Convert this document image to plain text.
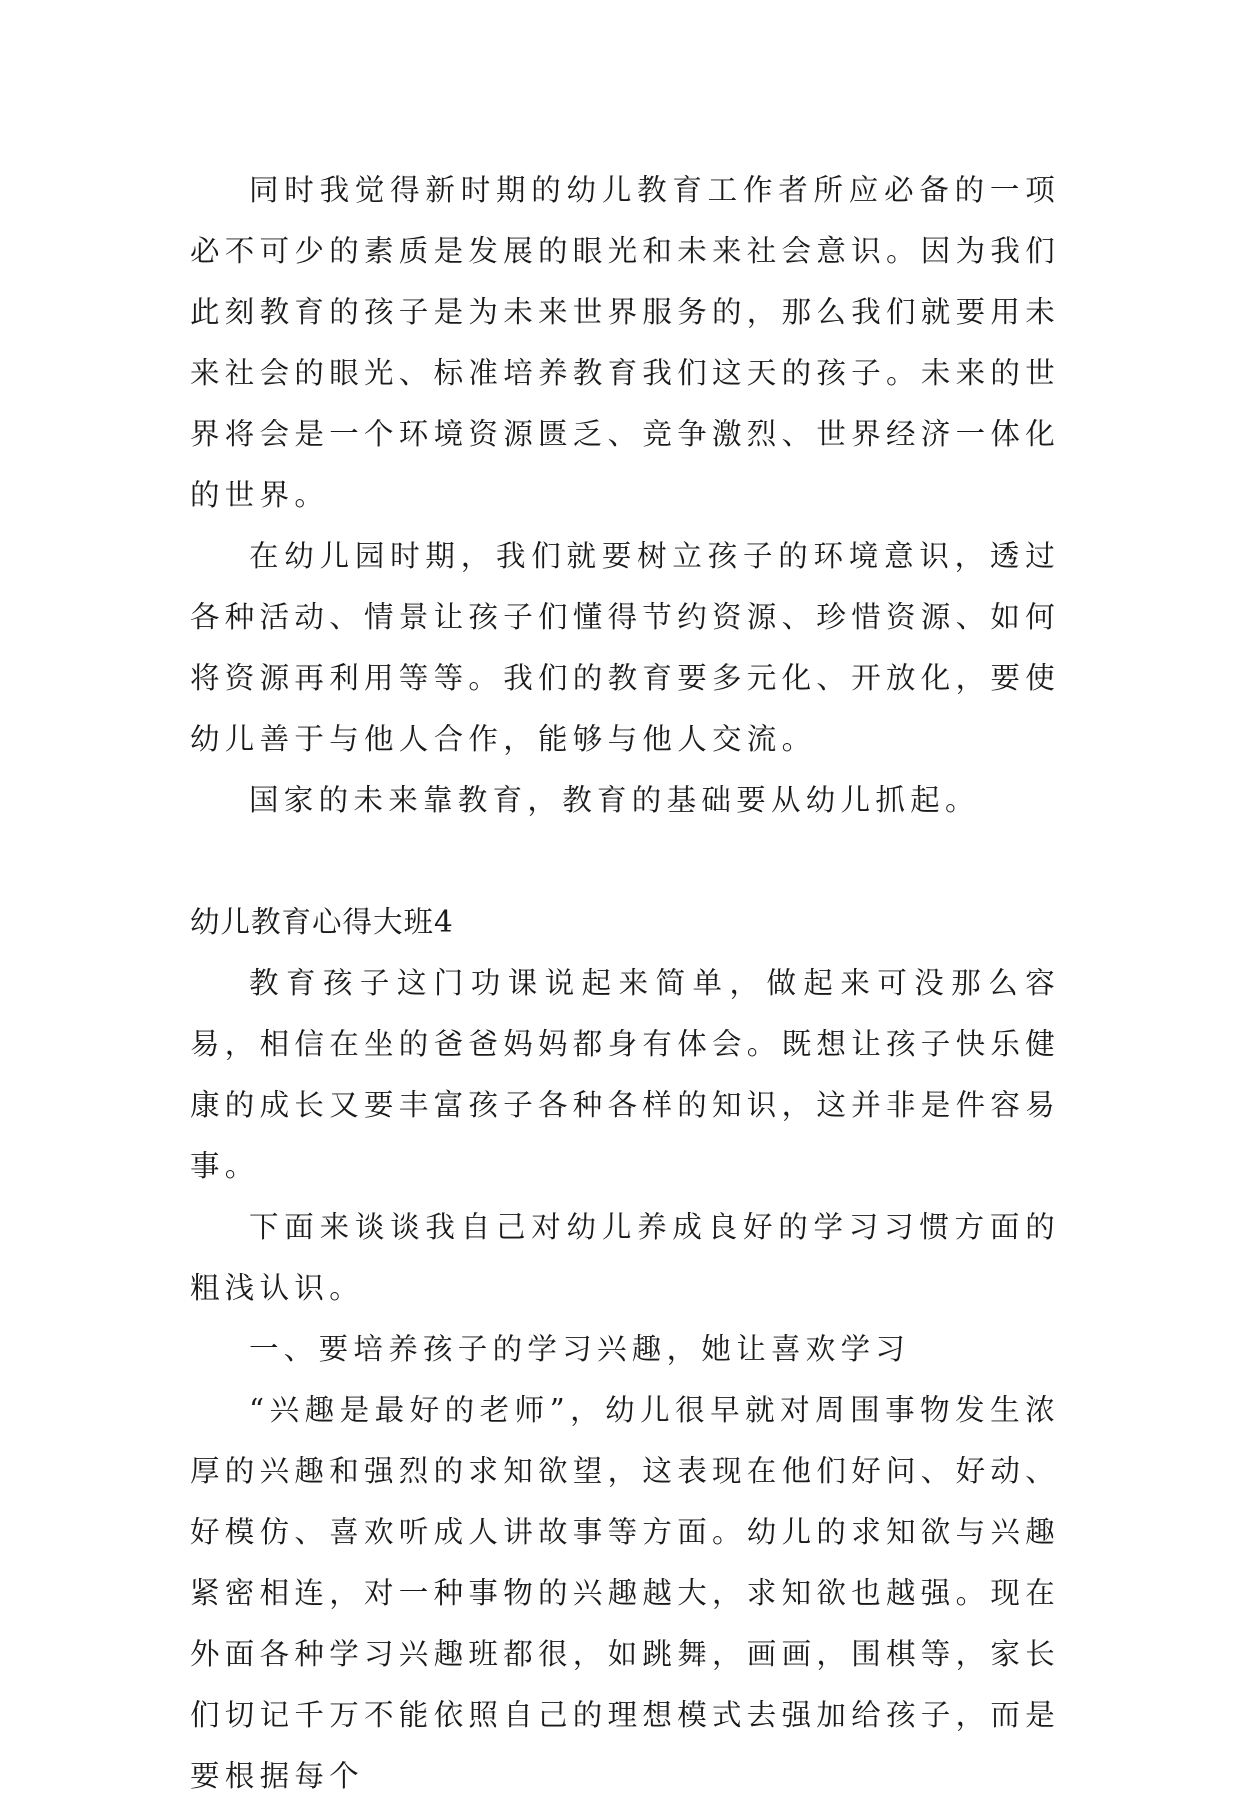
同时我觉得新时期的幼儿教育工作者所应必备的一项必不可少的素质是发展的眼光和未来社会意识。因为我们此刻教育的孩子是为未来世界服务的，那么我们就要用未来社会的眼光、标准培养教育我们这天的孩子。未来的世界将会是一个环境资源匮乏、竞争激烈、世界经济一体化的世界。

在幼儿园时期，我们就要树立孩子的环境意识，透过各种活动、情景让孩子们懂得节约资源、珍惜资源、如何将资源再利用等等。我们的教育要多元化、开放化，要使幼儿善于与他人合作，能够与他人交流。

国家的未来靠教育，教育的基础要从幼儿抓起。

幼儿教育心得大班4

教育孩子这门功课说起来简单，做起来可没那么容易，相信在坐的爸爸妈妈都身有体会。既想让孩子快乐健康的成长又要丰富孩子各种各样的知识，这并非是件容易事。

下面来谈谈我自己对幼儿养成良好的学习习惯方面的粗浅认识。

一、要培养孩子的学习兴趣，她让喜欢学习

“兴趣是最好的老师”，幼儿很早就对周围事物发生浓厚的兴趣和强烈的求知欲望，这表现在他们好问、好动、好模仿、喜欢听成人讲故事等方面。幼儿的求知欲与兴趣紧密相连，对一种事物的兴趣越大，求知欲也越强。现在外面各种学习兴趣班都很，如跳舞，画画，围棋等，家长们切记千万不能依照自己的理想模式去强加给孩子，而是要根据每个
